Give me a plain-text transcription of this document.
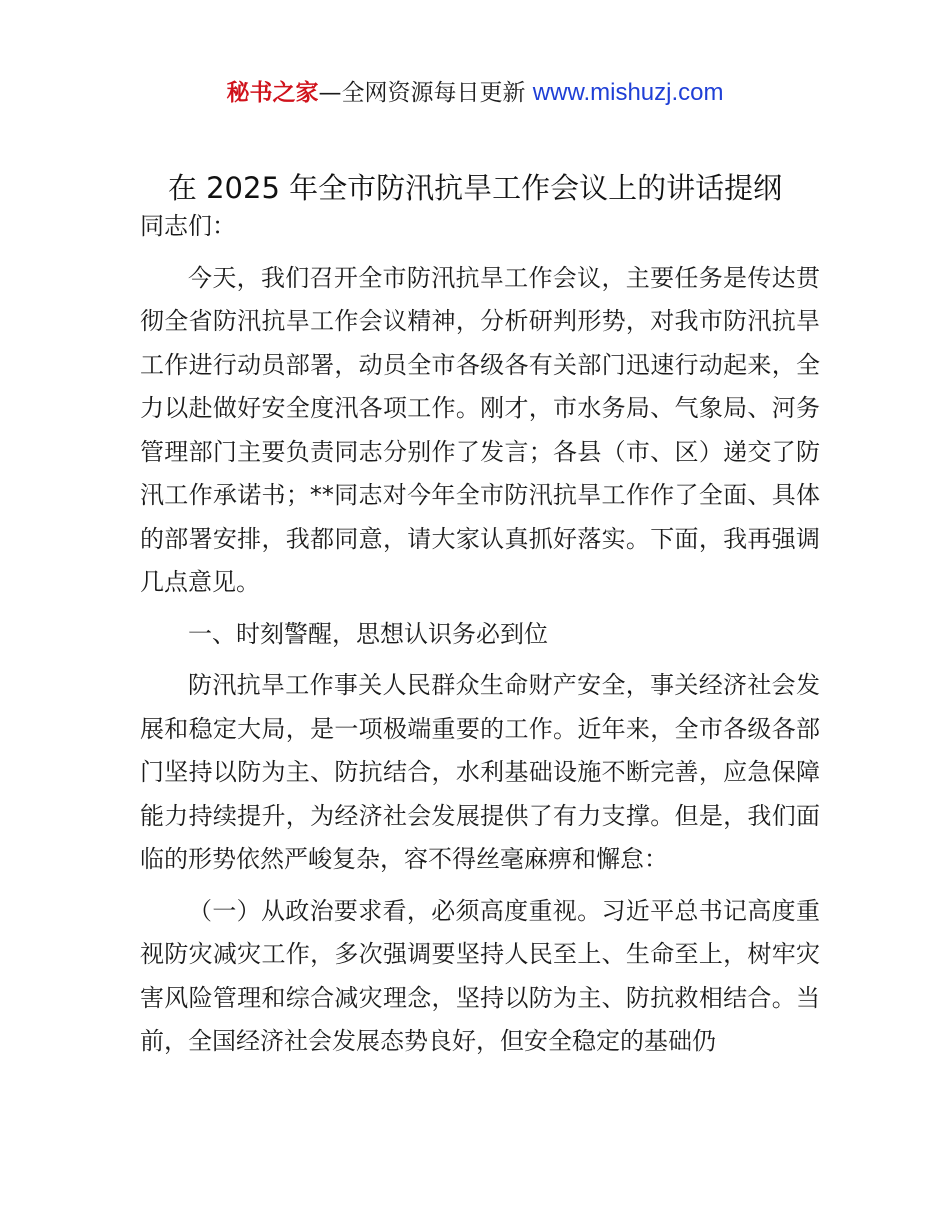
秘书之家—全网资源每日更新 www.mishuzj.com
在 2025 年全市防汛抗旱工作会议上的讲话提纲

同志们：

今天，我们召开全市防汛抗旱工作会议，主要任务是传达贯彻全省防汛抗旱工作会议精神，分析研判形势，对我市防汛抗旱工作进行动员部署，动员全市各级各有关部门迅速行动起来，全力以赴做好安全度汛各项工作。刚才，市水务局、气象局、河务管理部门主要负责同志分别作了发言；各县（市、区）递交了防汛工作承诺书；**同志对今年全市防汛抗旱工作作了全面、具体的部署安排，我都同意，请大家认真抓好落实。下面，我再强调几点意见。

一、时刻警醒，思想认识务必到位

防汛抗旱工作事关人民群众生命财产安全，事关经济社会发展和稳定大局，是一项极端重要的工作。近年来，全市各级各部门坚持以防为主、防抗结合，水利基础设施不断完善，应急保障能力持续提升，为经济社会发展提供了有力支撑。但是，我们面临的形势依然严峻复杂，容不得丝毫麻痹和懈怠：

（一）从政治要求看，必须高度重视。习近平总书记高度重视防灾减灾工作，多次强调要坚持人民至上、生命至上，树牢灾害风险管理和综合减灾理念，坚持以防为主、防抗救相结合。当前，全国经济社会发展态势良好，但安全稳定的基础仍
